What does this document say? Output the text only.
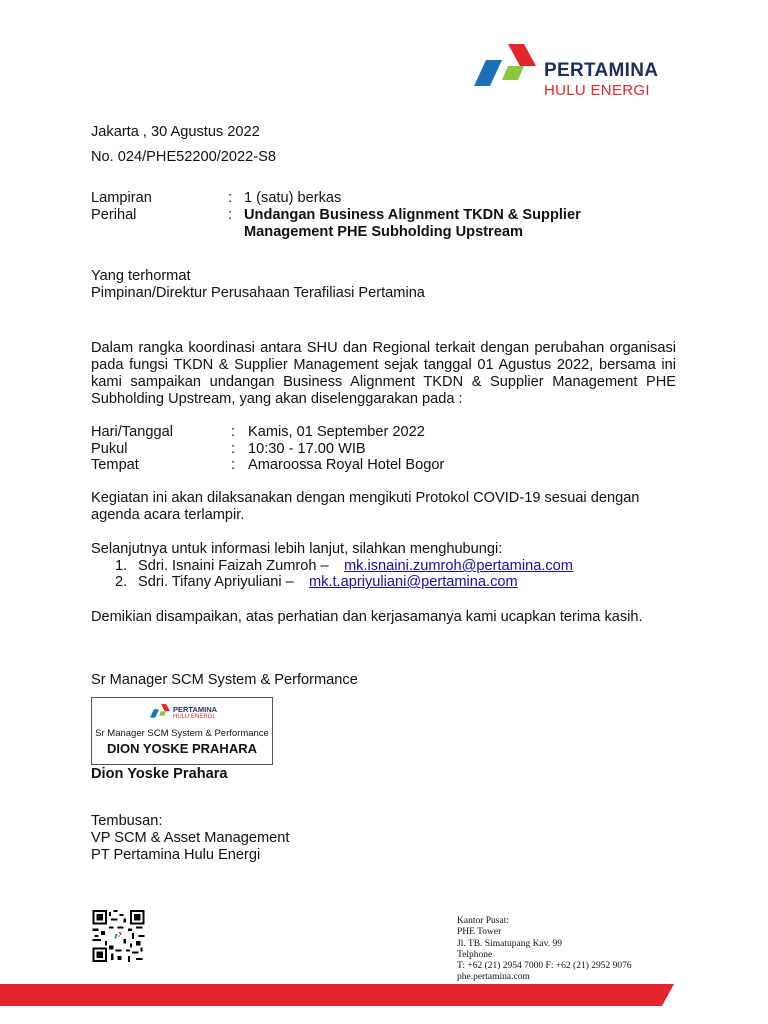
PERTAMINA
HULU ENERGI
Jakarta , 30 Agustus 2022
No. 024/PHE52200/2022-S8
Lampiran	: 1 (satu) berkas
Perihal	: Undangan Business Alignment TKDN & Supplier
Management PHE Subholding Upstream
Yang terhormat
Pimpinan/Direktur Perusahaan Terafiliasi Pertamina
Dalam rangka koordinasi antara SHU dan Regional terkait dengan perubahan organisasi pada fungsi TKDN & Supplier Management sejak tanggal 01 Agustus 2022, bersama ini kami sampaikan undangan Business Alignment TKDN & Supplier Management PHE Subholding Upstream, yang akan diselenggarakan pada :
Hari/Tanggal	: Kamis, 01 September 2022
Pukul	: 10:30 - 17.00 WIB
Tempat	: Amaroossa Royal Hotel Bogor
Kegiatan ini akan dilaksanakan dengan mengikuti Protokol COVID-19 sesuai dengan agenda acara terlampir.
Selanjutnya untuk informasi lebih lanjut, silahkan menghubungi:
1. Sdri. Isnaini Faizah Zumroh – mk.isnaini.zumroh@pertamina.com
2. Sdri. Tifany Apriyuliani – mk.t.apriyuliani@pertamina.com
Demikian disampaikan, atas perhatian dan kerjasamanya kami ucapkan terima kasih.
Sr Manager SCM System & Performance
PERTAMINA
HULU ENERGI
Sr Manager SCM System & Performance
DION YOSKE PRAHARA
Dion Yoske Prahara
Tembusan:
VP SCM & Asset Management
PT Pertamina Hulu Energi
Kantor Pusat:
PHE Tower
Jl. TB. Simatupang Kav. 99
Telphone
T: +62 (21) 2954 7000 F: +62 (21) 2952 9076
phe.pertamina.com
